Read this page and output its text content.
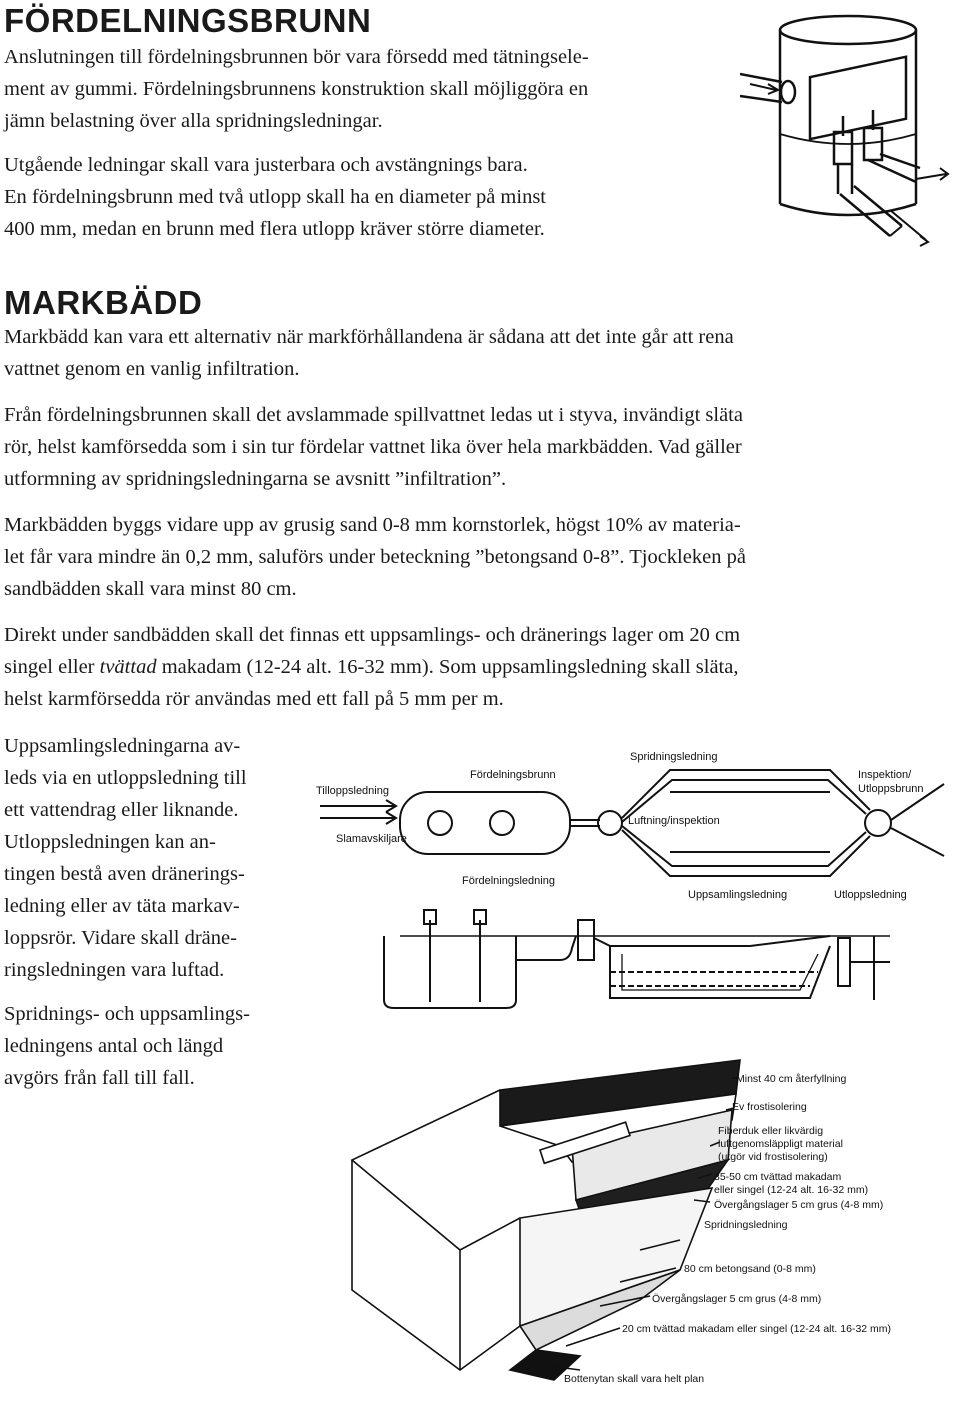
FÖRDELNINGSBRUNN

Anslutningen till fördelningsbrunnen bör vara försedd med tätningsele-
ment av gummi. Fördelningsbrunnens konstruktion skall möjliggöra en
jämn belastning över alla spridningsledningar.

Utgående ledningar skall vara justerbara och avstängnings bara.
En fördelningsbrunn med två utlopp skall ha en diameter på minst
400 mm, medan en brunn med flera utlopp kräver större diameter.

MARKBÄDD

Markbädd kan vara ett alternativ när markförhållandena är sådana att det inte går att rena
vattnet genom en vanlig infiltration.

Från fördelningsbrunnen skall det avslammade spillvattnet ledas ut i styva, invändigt släta
rör, helst kamförsedda som i sin tur fördelar vattnet lika över hela markbädden. Vad gäller
utformning av spridningsledningarna se avsnitt ”infiltration”.

Markbädden byggs vidare upp av grusig sand 0-8 mm kornstorlek, högst 10% av materia-
let får vara mindre än 0,2 mm, saluförs under beteckning ”betongsand 0-8”. Tjockleken på
sandbädden skall vara minst 80 cm.

Direkt under sandbädden skall det finnas ett uppsamlings- och dränerings lager om 20 cm
singel eller tvättad makadam (12-24 alt. 16-32 mm). Som uppsamlingsledning skall släta,
helst karmförsedda rör användas med ett fall på 5 mm per m.

Uppsamlingsledningarna av-
leds via en utloppsledning till
ett vattendrag eller liknande.
Utloppsledningen kan an-
tingen bestå aven dränerings-
ledning eller av täta markav-
loppsrör. Vidare skall dräne-
ringsledningen vara luftad.

Spridnings- och uppsamlings-
ledningens antal och längd
avgörs från fall till fall.

Tilloppsledning
Fördelningsbrunn
Spridningsledning
Inspektion/
Utloppsbrunn
Slamavskiljare
Luftning/inspektion
Fördelningsledning
Uppsamlingsledning	Utloppsledning
Minst 40 cm återfyllning
Ev frostisolering
Fiberduk eller likvärdig
luftgenomsläppligt material
(utgör vid frostisolering)
35-50 cm tvättad makadam
eller singel (12-24 alt. 16-32 mm)
Övergångslager 5 cm grus (4-8 mm)
Spridningsledning
80 cm betongsand (0-8 mm)
Övergångslager 5 cm grus (4-8 mm)
20 cm tvättad makadam eller singel (12-24 alt. 16-32 mm)
Bottenytan skall vara helt plan
